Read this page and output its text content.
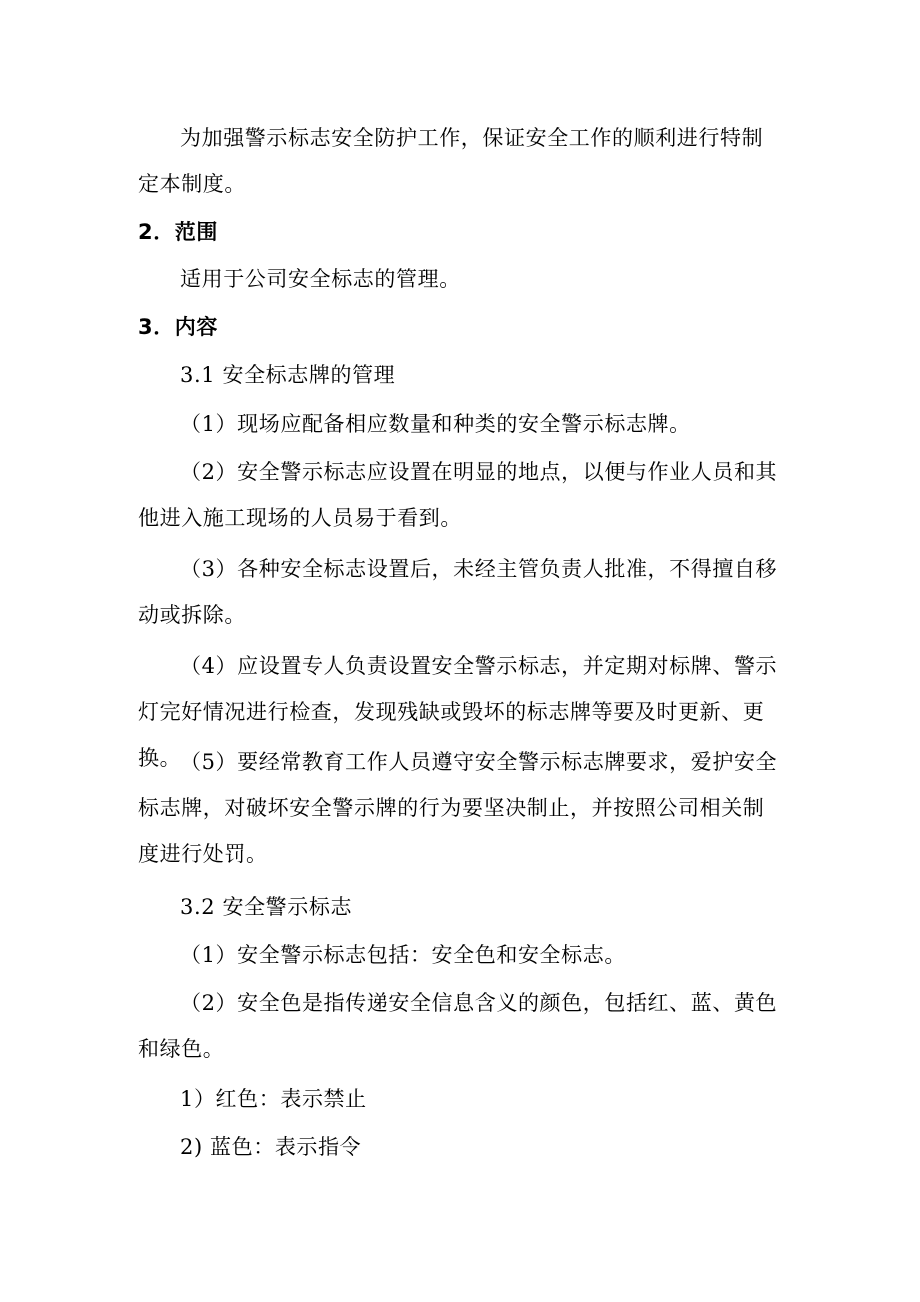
为加强警示标志安全防护工作，保证安全工作的顺利进行特制定本制度。

2．范围

适用于公司安全标志的管理。

3．内容

3.1 安全标志牌的管理

（1）现场应配备相应数量和种类的安全警示标志牌。

（2）安全警示标志应设置在明显的地点，以便与作业人员和其他进入施工现场的人员易于看到。

（3）各种安全标志设置后，未经主管负责人批准，不得擅自移动或拆除。

（4）应设置专人负责设置安全警示标志，并定期对标牌、警示灯完好情况进行检查，发现残缺或毁坏的标志牌等要及时更新、更换。

（5）要经常教育工作人员遵守安全警示标志牌要求，爱护安全标志牌，对破坏安全警示牌的行为要坚决制止，并按照公司相关制度进行处罚。

3.2 安全警示标志

（1）安全警示标志包括：安全色和安全标志。

（2）安全色是指传递安全信息含义的颜色，包括红、蓝、黄色和绿色。

1）红色：表示禁止

2) 蓝色：表示指令
